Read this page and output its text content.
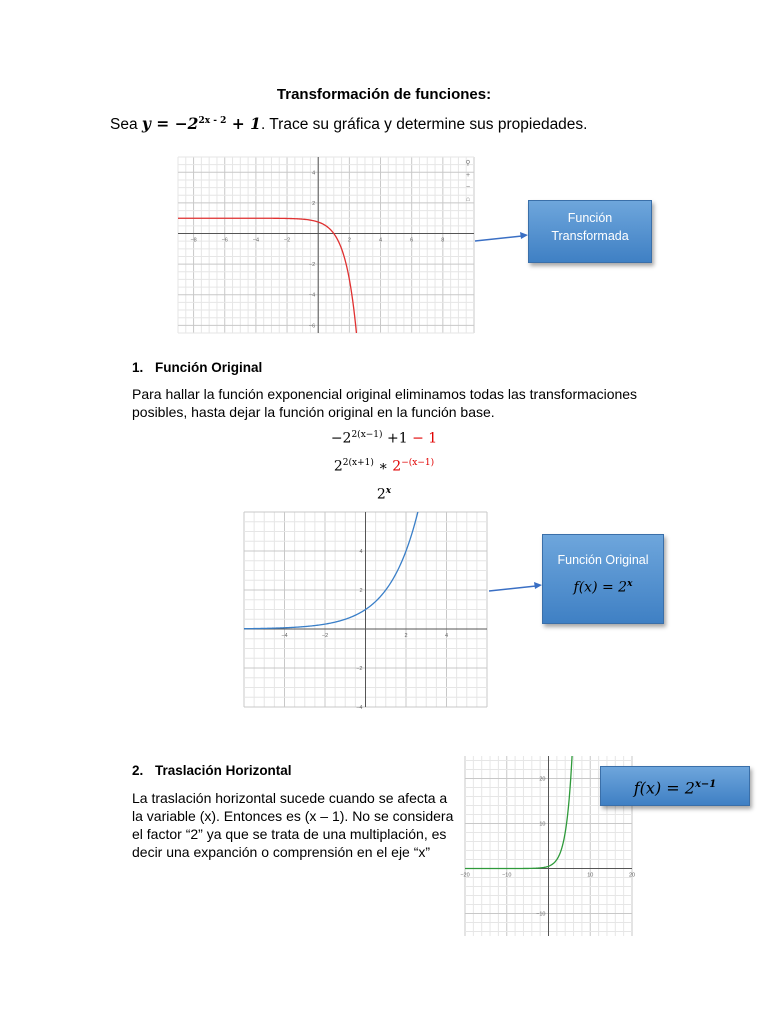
Transformación de funciones:
Sea $y = -2^{2x - 2} + 1$. Trace su gráfica y determine sus propiedades.
−8	−6	−4	−2	2	4	6	8
−6
−4
−2
2
4
⚲
+
−
⌂
Función
Transformada
1. Función Original
Para hallar la función exponencial original eliminamos todas las transformaciones
posibles, hasta dejar la función original en la función base.
$-2^{2(x-1)} +1 - 1$
$2^{2(x+1)}$ ∗ $2^{-(x-1)}$
$2^x$
−4	−2	2	4
−4
−2
2
4
Función Original
$f(x) = 2^x$
2. Traslación Horizontal
La traslación horizontal sucede cuando se afecta a
la variable (x). Entonces es (x – 1). No se considera
el factor “2” ya que se trata de una multiplación, es
decir una expanción o comprensión en el eje “x”
−20	−10	10	20
−10
10
20	$f(x) = 2^{x-1}$
